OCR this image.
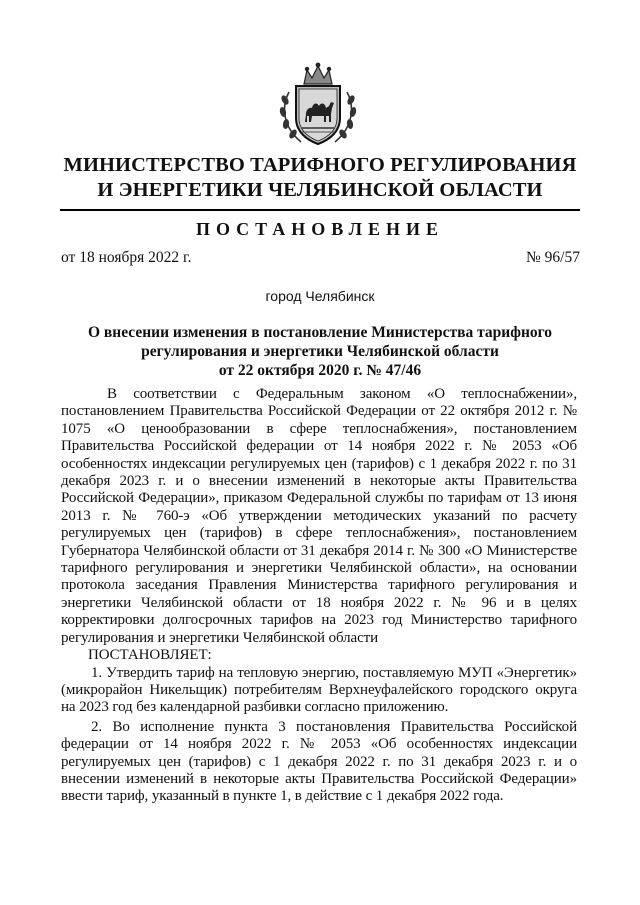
МИНИСТЕРСТВО ТАРИФНОГО РЕГУЛИРОВАНИЯ
И ЭНЕРГЕТИКИ ЧЕЛЯБИНСКОЙ ОБЛАСТИ
ПОСТАНОВЛЕНИЕ
от 18 ноября 2022 г.	№ 96/57
город Челябинск
О внесении изменения в постановление Министерства тарифного
регулирования и энергетики Челябинской области
от 22 октября 2020 г. № 47/46

В соответствии с Федеральным законом «О теплоснабжении», постановлением Правительства Российской Федерации от 22 октября 2012 г. № 1075 «О ценообразовании в сфере теплоснабжения», постановлением Правительства Российской федерации от 14 ноября 2022 г. № 2053 «Об особенностях индексации регулируемых цен (тарифов) с 1 декабря 2022 г. по 31 декабря 2023 г. и о внесении изменений в некоторые акты Правительства Российской Федерации», приказом Федеральной службы по тарифам от 13 июня 2013 г. № 760-э «Об утверждении методических указаний по расчету регулируемых цен (тарифов) в сфере теплоснабжения», постановлением Губернатора Челябинской области от 31 декабря 2014 г. № 300 «О Министерстве тарифного регулирования и энергетики Челябинской области», на основании протокола заседания Правления Министерства тарифного регулирования и энергетики Челябинской области от 18 ноября 2022 г. № 96 и в целях корректировки долгосрочных тарифов на 2023 год Министерство тарифного регулирования и энергетики Челябинской области

ПОСТАНОВЛЯЕТ:

1. Утвердить тариф на тепловую энергию, поставляемую МУП «Энергетик» (микрорайон Никельщик) потребителям Верхнеуфалейского городского округа на 2023 год без календарной разбивки согласно приложению.

2. Во исполнение пункта 3 постановления Правительства Российской федерации от 14 ноября 2022 г. № 2053 «Об особенностях индексации регулируемых цен (тарифов) с 1 декабря 2022 г. по 31 декабря 2023 г. и о внесении изменений в некоторые акты Правительства Российской Федерации» ввести тариф, указанный в пункте 1, в действие с 1 декабря 2022 года.
